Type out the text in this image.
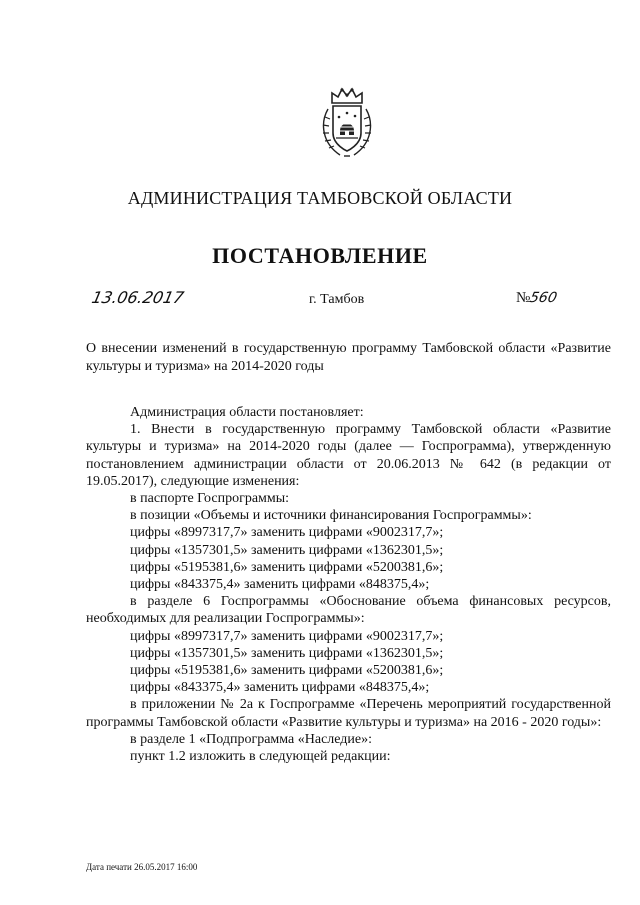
АДМИНИСТРАЦИЯ ТАМБОВСКОЙ ОБЛАСТИ
ПОСТАНОВЛЕНИЕ
13.06.2017	г. Тамбов	№560
О внесении изменений в государственную программу Тамбовской области «Развитие культуры и туризма» на 2014-2020 годы

Администрация области постановляет:

1. Внести в государственную программу Тамбовской области «Развитие культуры и туризма» на 2014-2020 годы (далее — Госпрограмма), утвержденную постановлением администрации области от 20.06.2013 № 642 (в редакции от 19.05.2017), следующие изменения:

в паспорте Госпрограммы:

в позиции «Объемы и источники финансирования Госпрограммы»:

цифры «8997317,7» заменить цифрами «9002317,7»;

цифры «1357301,5» заменить цифрами «1362301,5»;

цифры «5195381,6» заменить цифрами «5200381,6»;

цифры «843375,4» заменить цифрами «848375,4»;

в разделе 6 Госпрограммы «Обоснование объема финансовых ресурсов, необходимых для реализации Госпрограммы»:

цифры «8997317,7» заменить цифрами «9002317,7»;

цифры «1357301,5» заменить цифрами «1362301,5»;

цифры «5195381,6» заменить цифрами «5200381,6»;

цифры «843375,4» заменить цифрами «848375,4»;

в приложении № 2а к Госпрограмме «Перечень мероприятий государственной программы Тамбовской области «Развитие культуры и туризма» на 2016 - 2020 годы»:

в разделе 1 «Подпрограмма «Наследие»:

пункт 1.2 изложить в следующей редакции:

Дата печати 26.05.2017 16:00
